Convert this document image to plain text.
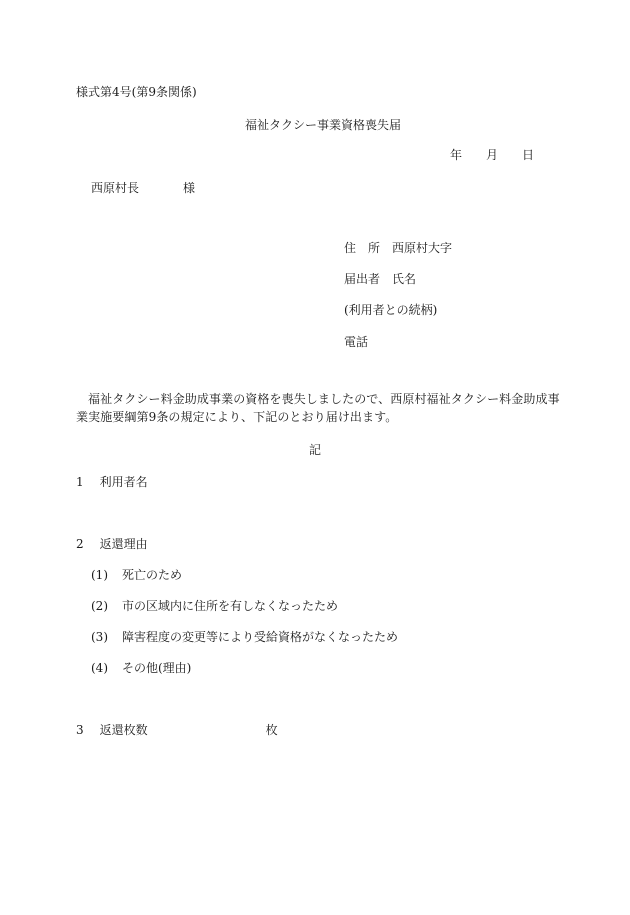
様式第4号(第9条関係)

福祉タクシー事業資格喪失届

年 月 日

西原村長	様

住　所 西原村大字

届出者 氏名

(利用者との続柄)

電話

福祉タクシー料金助成事業の資格を喪失しましたので、西原村福祉タクシー料金助成事業実施要綱第9条の規定により、下記のとおり届け出ます。

記

1 利用者名

2 返還理由

(1) 死亡のため

(2) 市の区域内に住所を有しなくなったため

(3) 障害程度の変更等により受給資格がなくなったため

(4) その他(理由)

3 返還枚数	枚
